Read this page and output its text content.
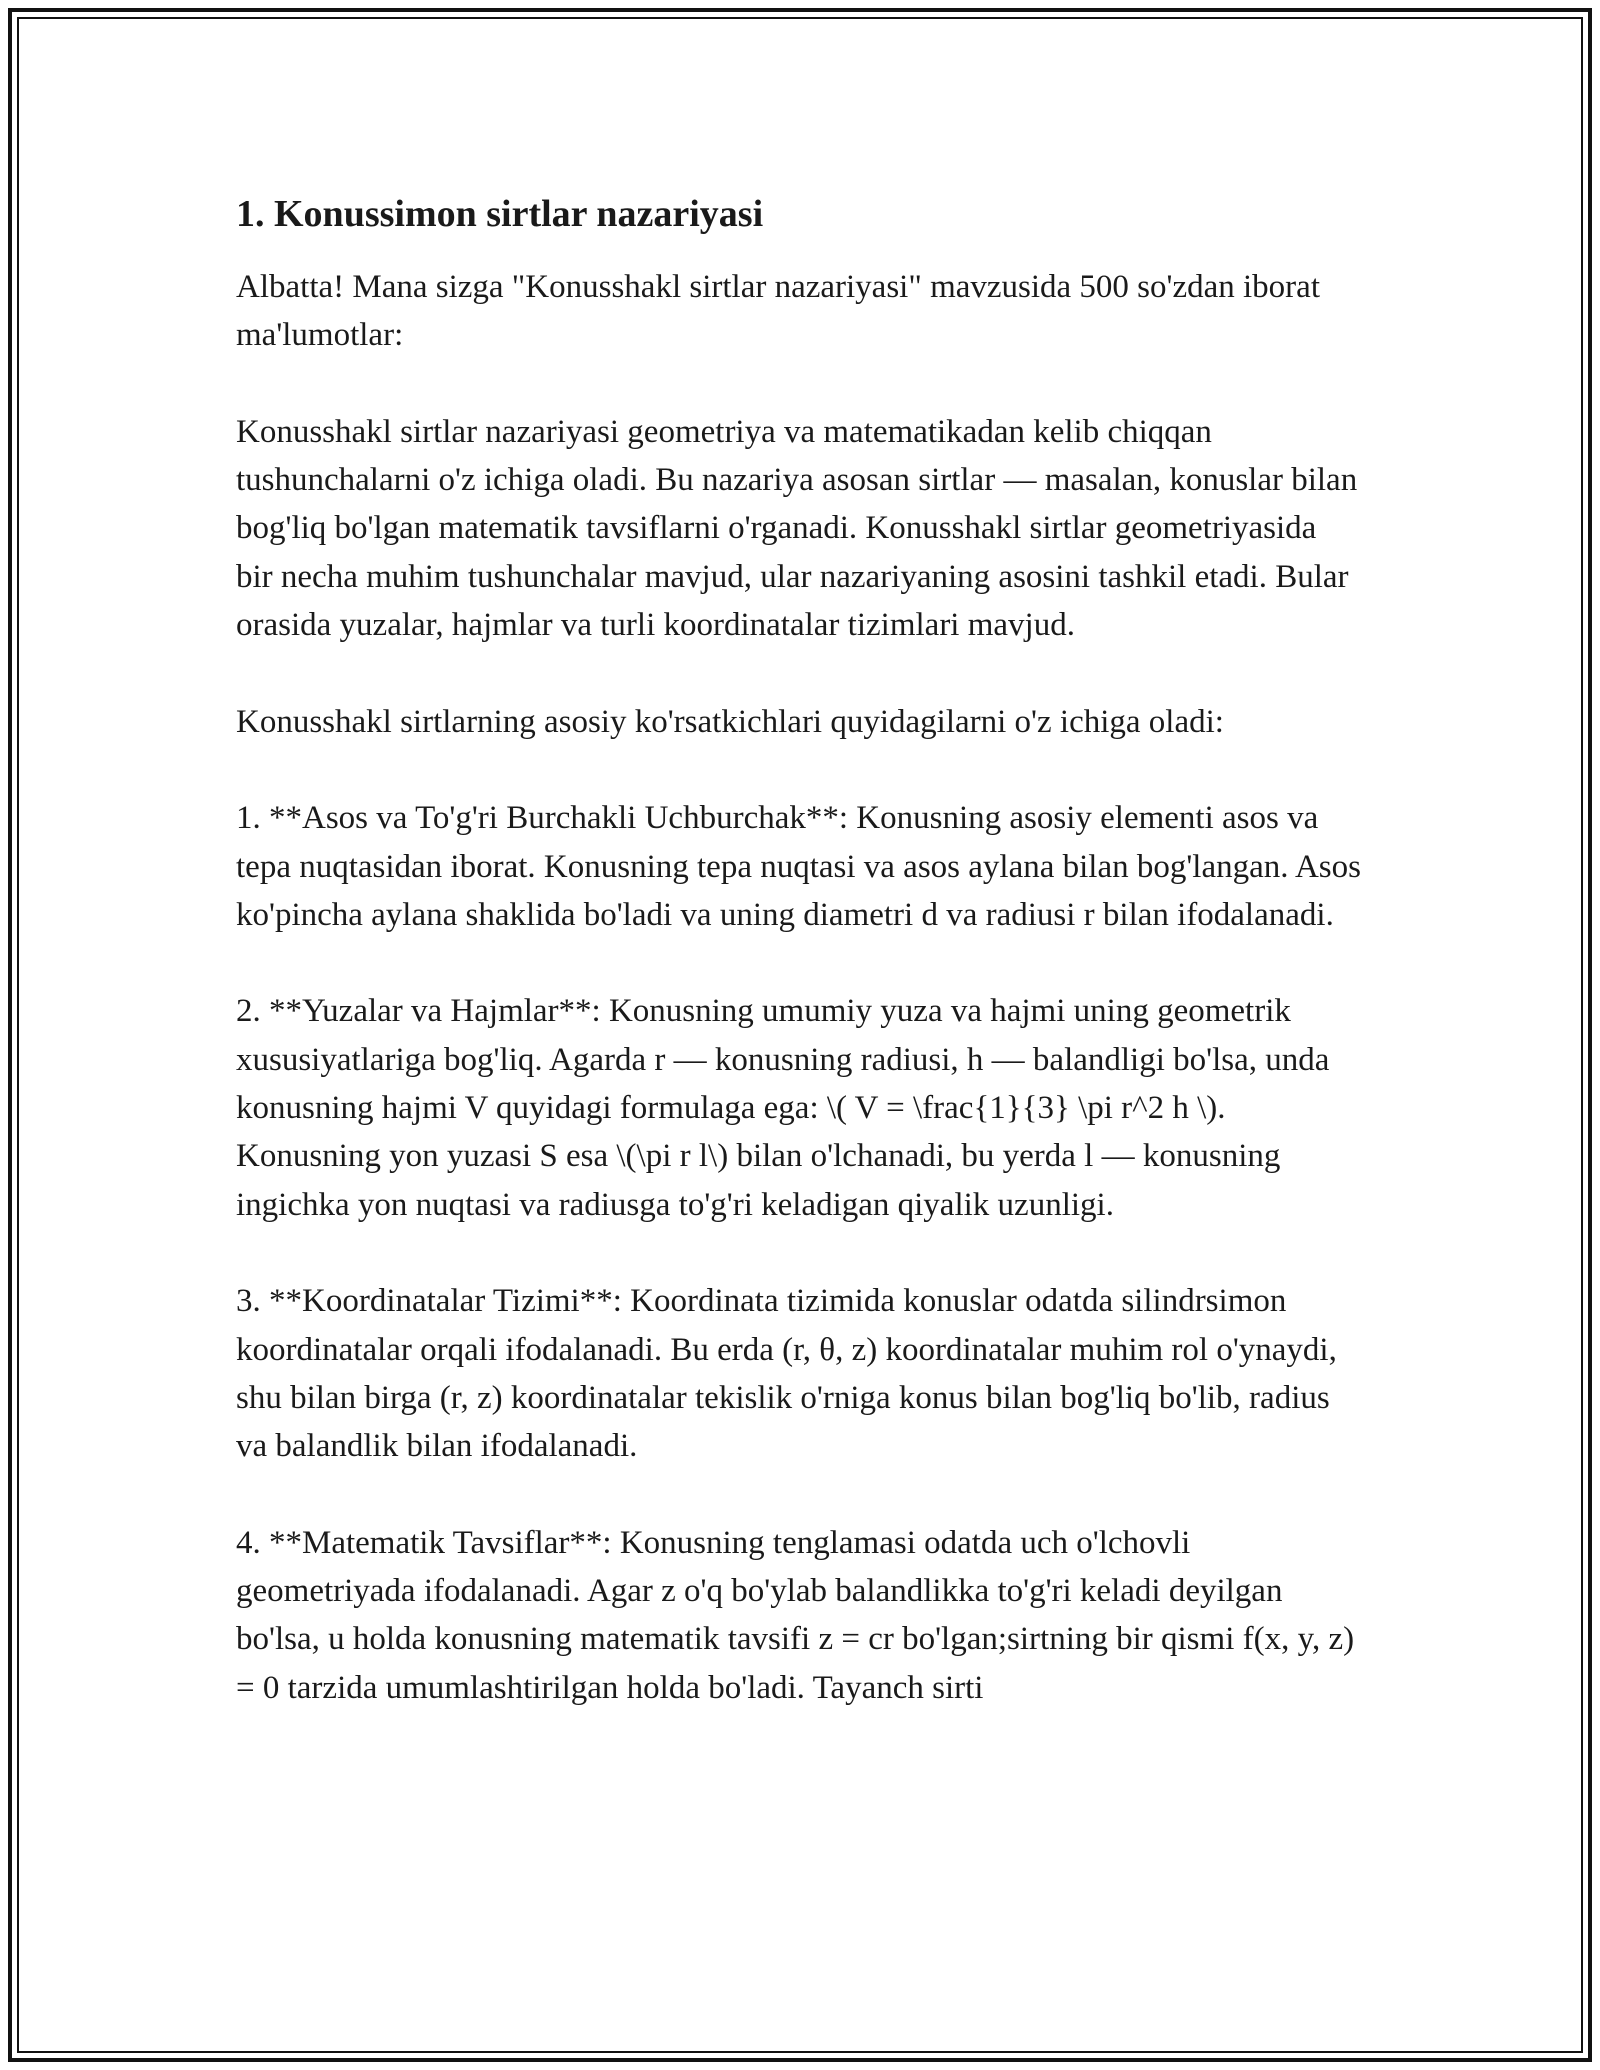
1. Konussimon sirtlar nazariyasi

Albatta! Mana sizga "Konusshakl sirtlar nazariyasi" mavzusida 500 so'zdan iborat ma'lumotlar:

Konusshakl sirtlar nazariyasi geometriya va matematikadan kelib chiqqan tushunchalarni o'z ichiga oladi. Bu nazariya asosan sirtlar — masalan, konuslar bilan bog'liq bo'lgan matematik tavsiflarni o'rganadi. Konusshakl sirtlar geometriyasida bir necha muhim tushunchalar mavjud, ular nazariyaning asosini tashkil etadi. Bular orasida yuzalar, hajmlar va turli koordinatalar tizimlari mavjud.

Konusshakl sirtlarning asosiy ko'rsatkichlari quyidagilarni o'z ichiga oladi:

1. **Asos va To'g'ri Burchakli Uchburchak**: Konusning asosiy elementi asos va tepa nuqtasidan iborat. Konusning tepa nuqtasi va asos aylana bilan bog'langan. Asos ko'pincha aylana shaklida bo'ladi va uning diametri d va radiusi r bilan ifodalanadi.

2. **Yuzalar va Hajmlar**: Konusning umumiy yuza va hajmi uning geometrik xususiyatlariga bog'liq. Agarda r — konusning radiusi, h — balandligi bo'lsa, unda konusning hajmi V quyidagi formulaga ega: \( V = \frac{1}{3} \pi r^2 h \). Konusning yon yuzasi S esa \(\pi r l\) bilan o'lchanadi, bu yerda l — konusning ingichka yon nuqtasi va radiusga to'g'ri keladigan qiyalik uzunligi.

3. **Koordinatalar Tizimi**: Koordinata tizimida konuslar odatda silindrsimon koordinatalar orqali ifodalanadi. Bu erda (r, θ, z) koordinatalar muhim rol o'ynaydi, shu bilan birga (r, z) koordinatalar tekislik o'rniga konus bilan bog'liq bo'lib, radius va balandlik bilan ifodalanadi.

4. **Matematik Tavsiflar**: Konusning tenglamasi odatda uch o'lchovli geometriyada ifodalanadi. Agar z o'q bo'ylab balandlikka to'g'ri keladi deyilgan bo'lsa, u holda konusning matematik tavsifi z = cr bo'lgan;sirtning bir qismi f(x, y, z) = 0 tarzida umumlashtirilgan holda bo'ladi. Tayanch sirti
